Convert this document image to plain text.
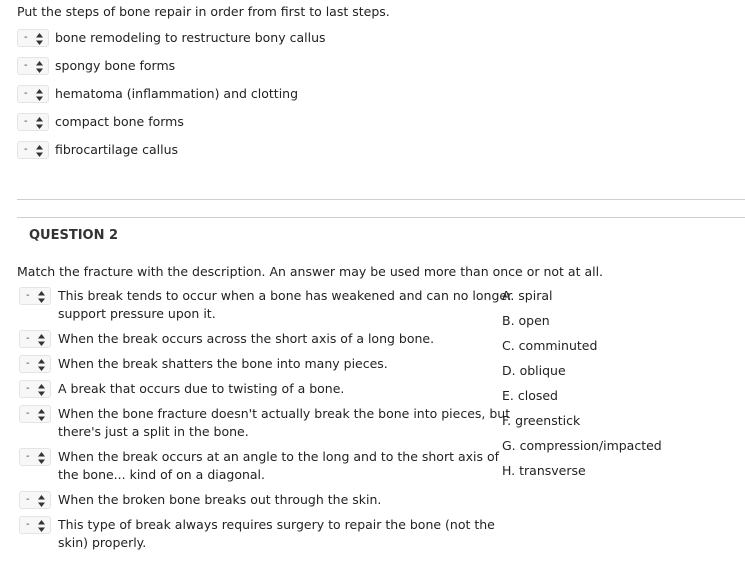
Put the steps of bone repair in order from first to last steps.
- bone remodeling to restructure bony callus
- spongy bone forms
- hematoma (inflammation) and clotting
- compact bone forms
- fibrocartilage callus
QUESTION 2
Match the fracture with the description. An answer may be used more than once or not at all.
- This break tends to occur when a bone has weakened and can no longer
support pressure upon it.
- When the break occurs across the short axis of a long bone.
- When the break shatters the bone into many pieces.
- A break that occurs due to twisting of a bone.
- When the bone fracture doesn't actually break the bone into pieces, but
there's just a split in the bone.
- When the break occurs at an angle to the long and to the short axis of
the bone... kind of on a diagonal.
- When the broken bone breaks out through the skin.
- This type of break always requires surgery to repair the bone (not the
skin) properly.
A. spiral
B. open
C. comminuted
D. oblique
E. closed
F. greenstick
G. compression/impacted
H. transverse
